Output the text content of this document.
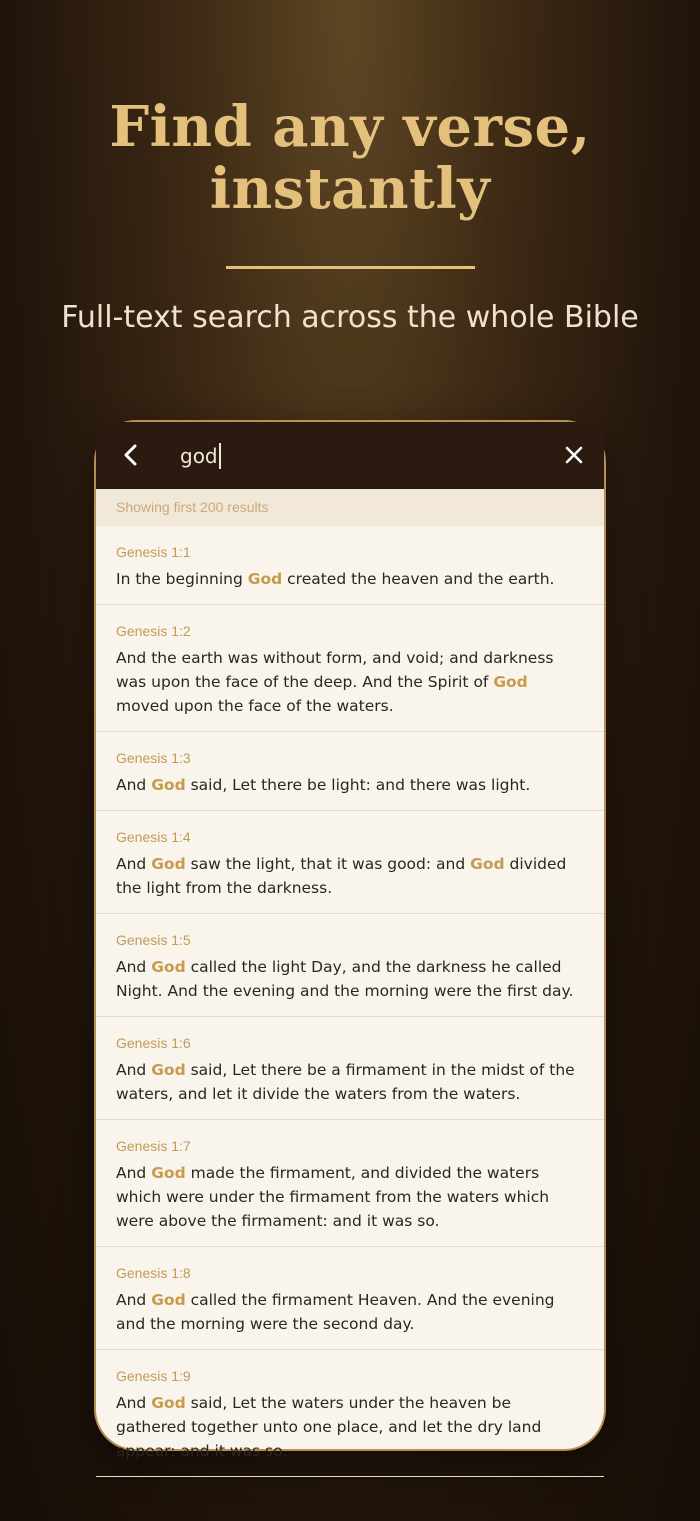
Find any verse,
instantly
Full-text search across the whole Bible
god
Showing first 200 results
Genesis 1:1
In the beginning God created the heaven and the earth.
Genesis 1:2
And the earth was without form, and void; and darkness was upon the face of the deep. And the Spirit of God moved upon the face of the waters.
Genesis 1:3
And God said, Let there be light: and there was light.
Genesis 1:4
And God saw the light, that it was good: and God divided the light from the darkness.
Genesis 1:5
And God called the light Day, and the darkness he called Night. And the evening and the morning were the first day.
Genesis 1:6
And God said, Let there be a firmament in the midst of the waters, and let it divide the waters from the waters.
Genesis 1:7
And God made the firmament, and divided the waters which were under the firmament from the waters which were above the firmament: and it was so.
Genesis 1:8
And God called the firmament Heaven. And the evening and the morning were the second day.
Genesis 1:9
And God said, Let the waters under the heaven be gathered together unto one place, and let the dry land appear: and it was so.
